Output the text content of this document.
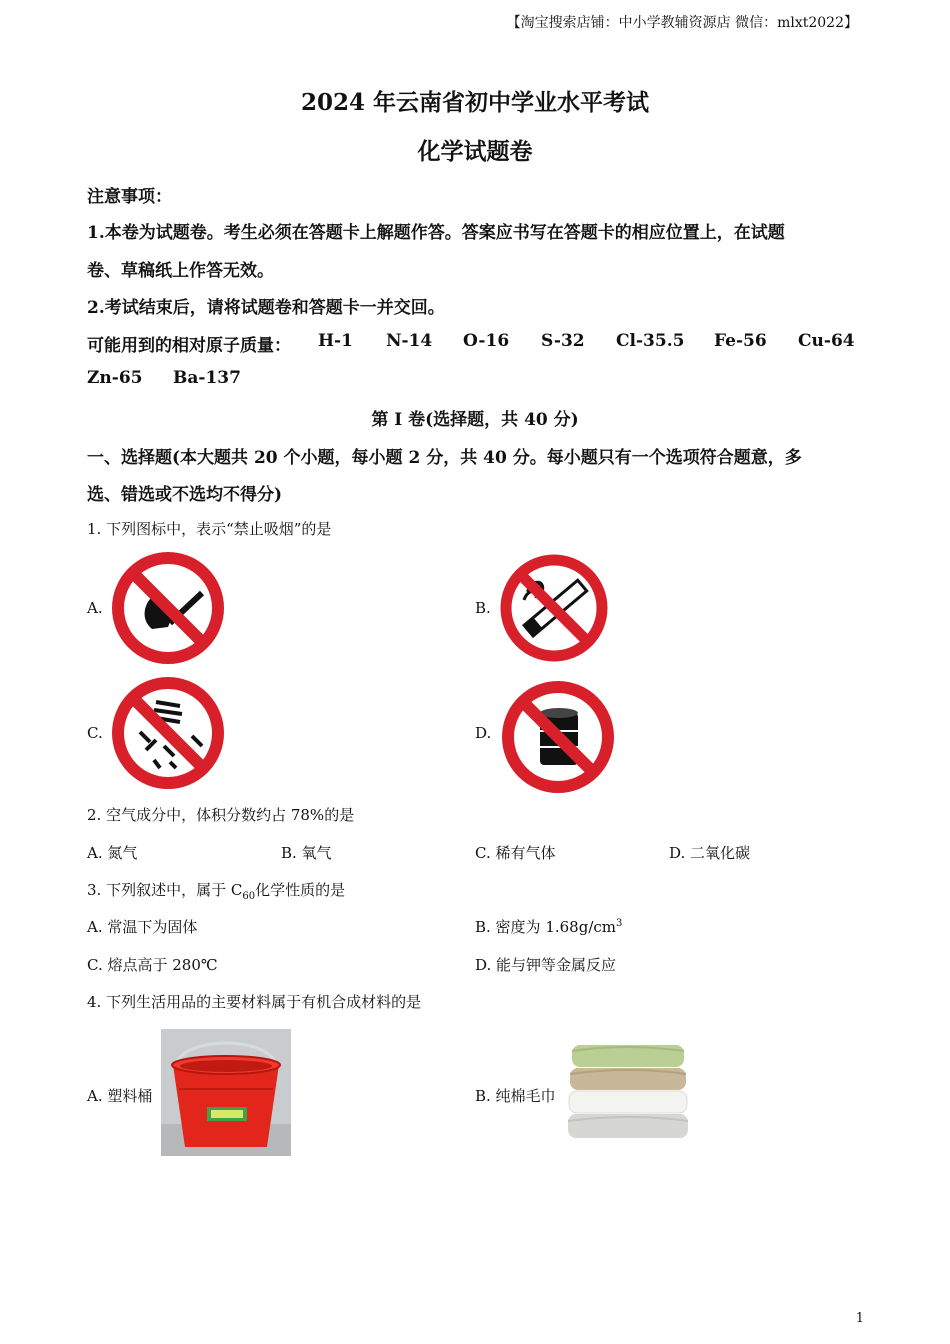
【淘宝搜索店铺：中小学教辅资源店 微信：mlxt2022】
2024 年云南省初中学业水平考试
化学试题卷
注意事项：
1.本卷为试题卷。考生必须在答题卡上解题作答。答案应书写在答题卡的相应位置上，在试题
卷、草稿纸上作答无效。
2.考试结束后，请将试题卷和答题卡一并交回。
可能用到的相对原子质量： H-1 N-14 O-16 S-32 Cl-35.5 Fe-56 Cu-64
Zn-65 Ba-137
第 I 卷(选择题，共 40 分)
一、选择题(本大题共 20 个小题，每小题 2 分，共 40 分。每小题只有一个选项符合题意，多
选、错选或不选均不得分)
1. 下列图标中，表示“禁止吸烟”的是
A.	B.
C.	D.
2. 空气成分中，体积分数约占 78%的是
A. 氮气	B. 氧气	C. 稀有气体	D. 二氧化碳
3. 下列叙述中，属于 $C_{60}$化学性质的是
A. 常温下为固体	B. 密度为 $1.68g/cm^3$
C. 熔点高于 280℃	D. 能与钾等金属反应
4. 下列生活用品的主要材料属于有机合成材料的是
A. 塑料桶	B. 纯棉毛巾
1
